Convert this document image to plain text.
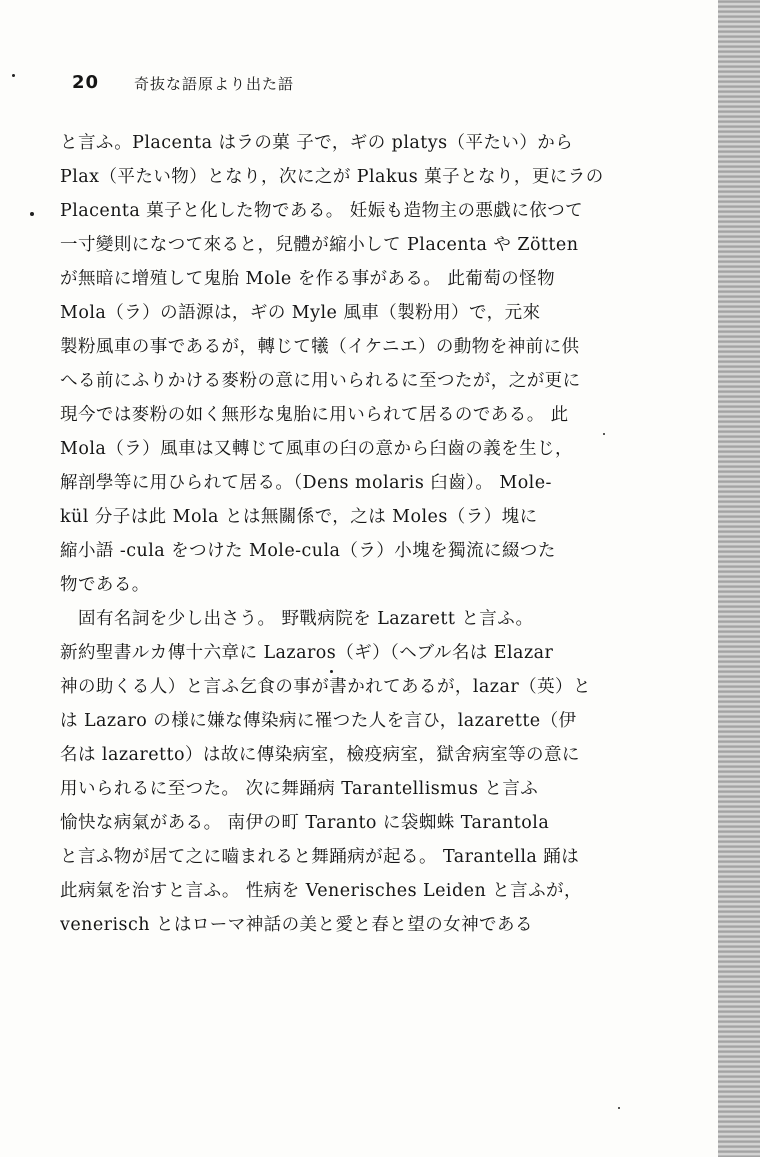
20 奇抜な語原より出た語
と言ふ。Placenta はラの菓 子で，ギの platys（平たい）から
Plax（平たい物）となり，次に之が Plakus 菓子となり，更にラの
Placenta 菓子と化した物である。 妊娠も造物主の悪戯に依つて
一寸變則になつて來ると，兒體が縮小して Placenta や Zötten
が無暗に增殖して鬼胎 Mole を作る事がある。 此葡萄の怪物
Mola（ラ）の語源は，ギの Myle 風車（製粉用）で，元來
製粉風車の事であるが，轉じて犧（イケニエ）の動物を神前に供
へる前にふりかける麥粉の意に用いられるに至つたが，之が更に
現今では麥粉の如く無形な鬼胎に用いられて居るのである。 此
Mola（ラ）風車は又轉じて風車の臼の意から臼齒の義を生じ，
解剖學等に用ひられて居る。（Dens molaris 臼齒）。 Mole-
kül 分子は此 Mola とは無關係で，之は Moles（ラ）塊に
縮小語 -cula をつけた Mole-cula（ラ）小塊を獨流に綴つた
物である。
固有名詞を少し出さう。 野戰病院を Lazarett と言ふ。
新約聖書ルカ傳十六章に Lazaros（ギ）（ヘブル名は Elazar
神の助くる人）と言ふ乞食の事が書かれてあるが，lazar（英）と
は Lazaro の様に嫌な傳染病に罹つた人を言ひ，lazarette（伊
名は lazaretto）は故に傳染病室，檢疫病室，獄舍病室等の意に
用いられるに至つた。 次に舞踊病 Tarantellismus と言ふ
愉快な病氣がある。 南伊の町 Taranto に袋蜘蛛 Tarantola
と言ふ物が居て之に嚙まれると舞踊病が起る。 Tarantella 踊は
此病氣を治すと言ふ。 性病を Venerisches Leiden と言ふが，
venerisch とはローマ神話の美と愛と春と望の女神である
